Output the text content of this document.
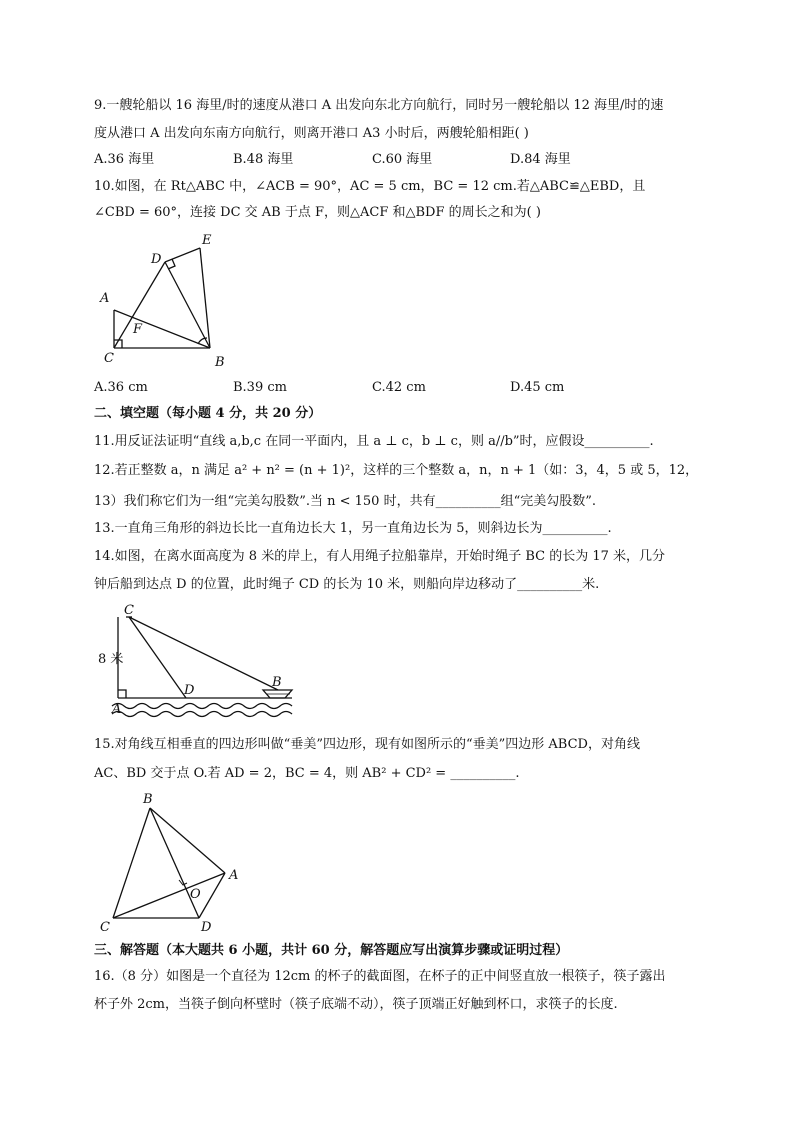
9.一艘轮船以 16 海里/时的速度从港口 A 出发向东北方向航行，同时另一艘轮船以 12 海里/时的速
度从港口 A 出发向东南方向航行，则离开港口 A3 小时后，两艘轮船相距( )
A.36 海里	B.48 海里	C.60 海里	D.84 海里
10.如图，在 Rt△ABC 中，∠ACB = 90°，AC = 5 cm，BC = 12 cm.若△ABC≌△EBD，且
∠CBD = 60°，连接 DC 交 AB 于点 F，则△ACF 和△BDF 的周长之和为( )
E
D
A
F
C	B
A.36 cm	B.39 cm	C.42 cm	D.45 cm
二、填空题（每小题 4 分，共 20 分）
11.用反证法证明“直线 a,b,c 在同一平面内，且 a ⊥ c，b ⊥ c，则 a//b”时，应假设__________.
12.若正整数 a，n 满足 a² + n² = (n + 1)²，这样的三个整数 a，n，n + 1（如：3，4，5 或 5，12，
13）我们称它们为一组“完美勾股数”.当 n < 150 时，共有__________组“完美勾股数”.
13.一直角三角形的斜边长比一直角边长大 1，另一直角边长为 5，则斜边长为__________.
14.如图，在离水面高度为 8 米的岸上，有人用绳子拉船靠岸，开始时绳子 BC 的长为 17 米，几分
钟后船到达点 D 的位置，此时绳子 CD 的长为 10 米，则船向岸边移动了__________米.
C
8 米
D
B
A
15.对角线互相垂直的四边形叫做“垂美”四边形，现有如图所示的“垂美”四边形 ABCD，对角线
AC、BD 交于点 O.若 AD = 2，BC = 4，则 AB² + CD² = __________.
B
A
O
C	D
三、解答题（本大题共 6 小题，共计 60 分，解答题应写出演算步骤或证明过程）
16.（8 分）如图是一个直径为 12cm 的杯子的截面图，在杯子的正中间竖直放一根筷子，筷子露出
杯子外 2cm，当筷子倒向杯壁时（筷子底端不动），筷子顶端正好触到杯口，求筷子的长度.
